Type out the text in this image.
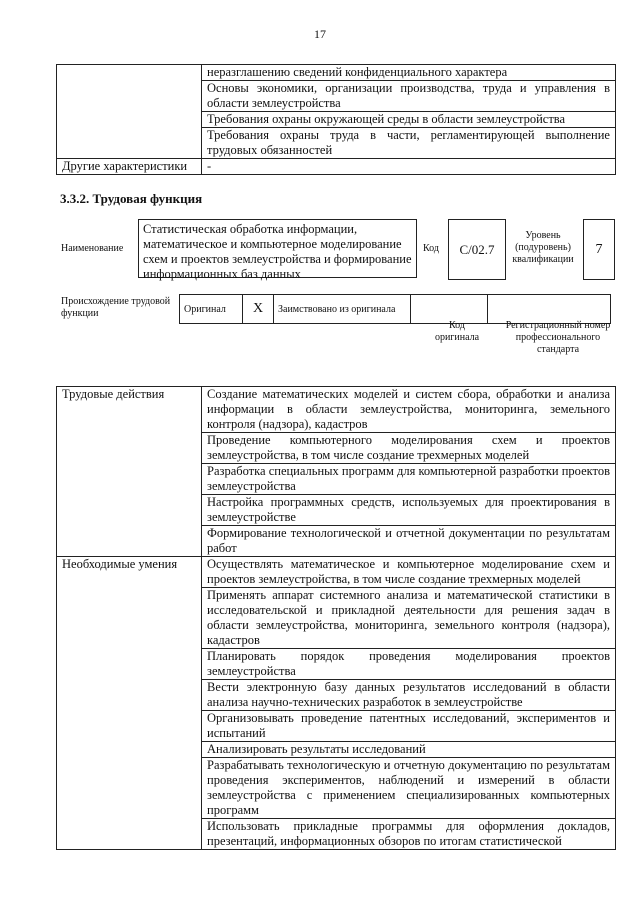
17
	неразглашению сведений конфиденциального характера
	Основы экономики, организации производства, труда и управления в области землеустройства
	Требования охраны окружающей среды в области землеустройства
	Требования охраны труда в части, регламентирующей выполнение трудовых обязанностей
Другие характеристики	-
3.3.2. Трудовая функция
Наименование
Статистическая обработка информации, математическое и компьютерное моделирование схем и проектов землеустройства и формирование информационных баз данных
Код	С/02.7
Уровень (подуровень) квалификации
7
Происхождение трудовой функции	Оригинал	X	Заимствовано из оригинала		
Код оригинала
Регистрационный номер профессионального стандарта
Трудовые действия	Создание математических моделей и систем сбора, обработки и анализа информации в области землеустройства, мониторинга, земельного контроля (надзора), кадастров
	Проведение компьютерного моделирования схем и проектов землеустройства, в том числе создание трехмерных моделей
	Разработка специальных программ для компьютерной разработки проектов землеустройства
	Настройка программных средств, используемых для проектирования в землеустройстве
	Формирование технологической и отчетной документации по результатам работ
Необходимые умения	Осуществлять математическое и компьютерное моделирование схем и проектов землеустройства, в том числе создание трехмерных моделей
	Применять аппарат системного анализа и математической статистики в исследовательской и прикладной деятельности для решения задач в области землеустройства, мониторинга, земельного контроля (надзора), кадастров
	Планировать порядок проведения моделирования проектов землеустройства
	Вести электронную базу данных результатов исследований в области анализа научно-технических разработок в землеустройстве
	Организовывать проведение патентных исследований, экспериментов и испытаний
	Анализировать результаты исследований
	Разрабатывать технологическую и отчетную документацию по результатам проведения экспериментов, наблюдений и измерений в области землеустройства с применением специализированных компьютерных программ
	Использовать прикладные программы для оформления докладов, презентаций, информационных обзоров по итогам статистической
